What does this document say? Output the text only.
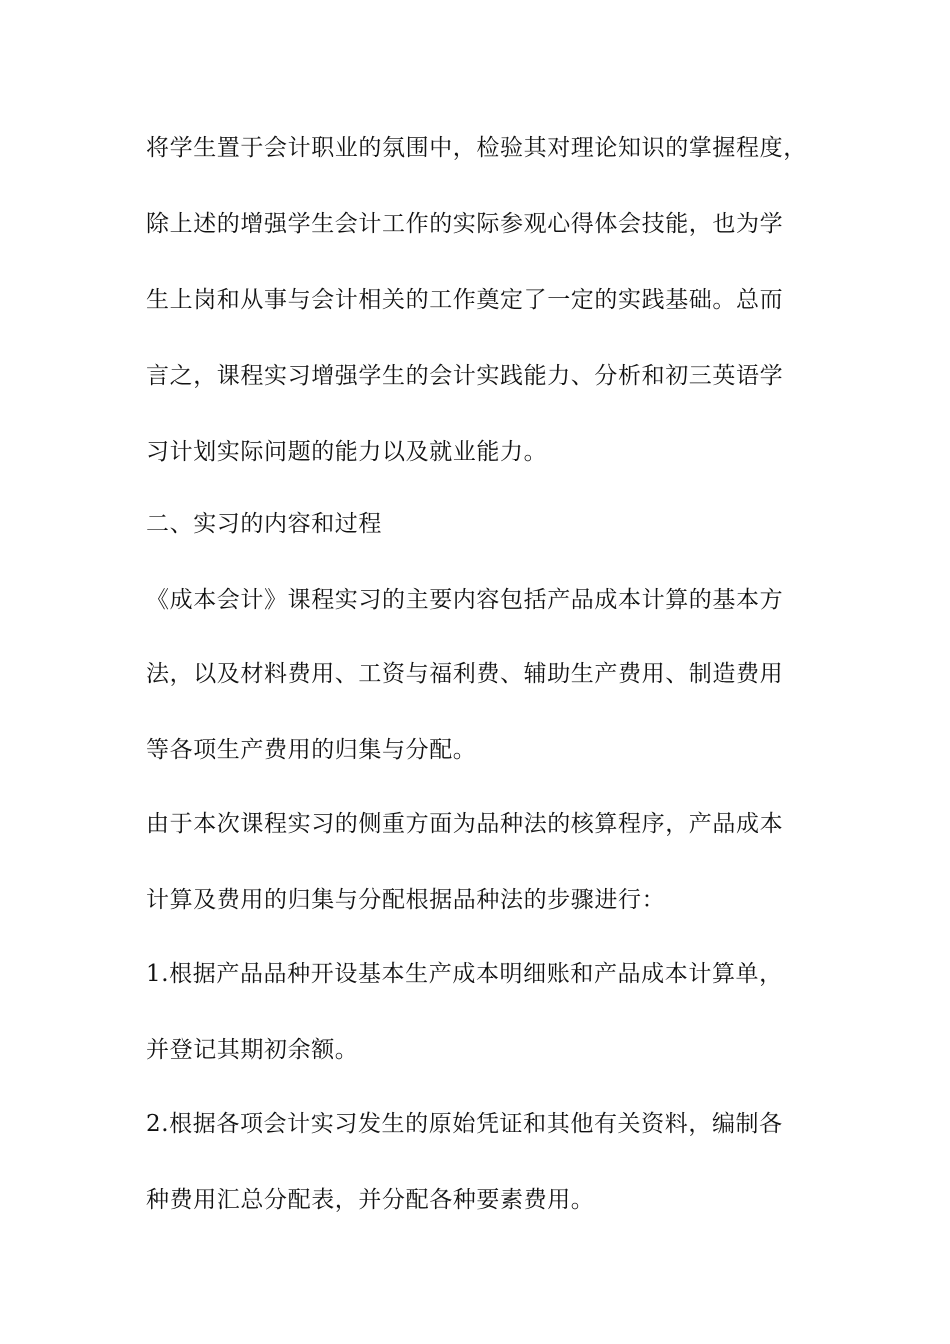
将学生置于会计职业的氛围中，检验其对理论知识的掌握程度，
除上述的增强学生会计工作的实际参观心得体会技能，也为学
生上岗和从事与会计相关的工作奠定了一定的实践基础。总而
言之，课程实习增强学生的会计实践能力、分析和初三英语学
习计划实际问题的能力以及就业能力。
二、实习的内容和过程
《成本会计》课程实习的主要内容包括产品成本计算的基本方
法，以及材料费用、工资与福利费、辅助生产费用、制造费用
等各项生产费用的归集与分配。
由于本次课程实习的侧重方面为品种法的核算程序，产品成本
计算及费用的归集与分配根据品种法的步骤进行：
1.根据产品品种开设基本生产成本明细账和产品成本计算单，
并登记其期初余额。
2.根据各项会计实习发生的原始凭证和其他有关资料，编制各
种费用汇总分配表，并分配各种要素费用。
